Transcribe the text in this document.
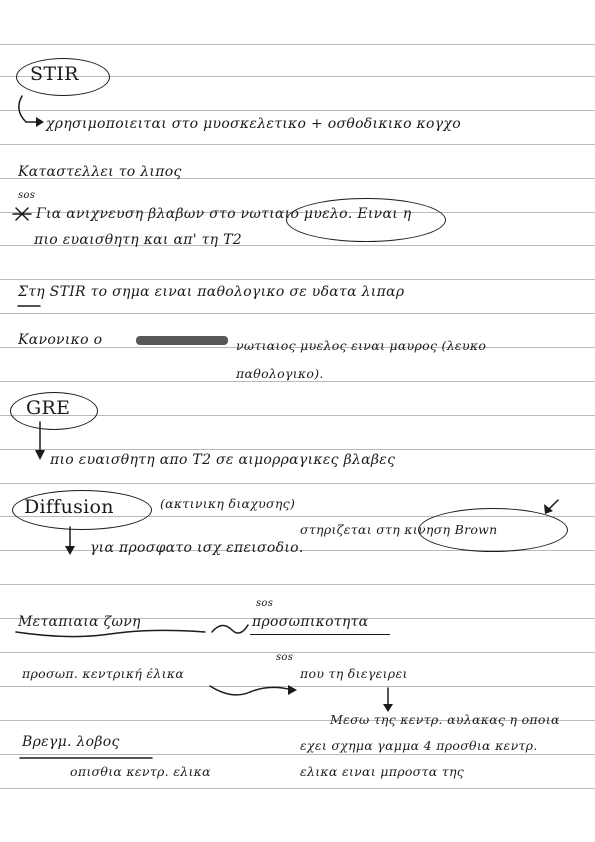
STIR
χρησιμοποιειται στο μυοσκελετικο + οσθοδικικο κογχο
Καταστελλει το λιπος
sos
Για ανιχνευση βλαβων στο νωτιαιο μυελο. Ειναι η
πιο ευαισθητη και απ' τη T2
Στη STIR το σημα ειναι παθολογικο σε υδατα λιπαρ
Κανονικο ο	νωτιαιος μυελος ειναι μαυρος (λευκο παθολογικο).
GRE
πιο ευαισθητη απο T2 σε αιμορραγικες βλαβες
Diffusion	(ακτινικη διαχυσης)
στηριζεται στη κινηση Brown
για προσφατο ισχ επεισοδιο.
sos
Μεταπιαια ζωνη	προσωπικοτητα
sos
προσωπ. κεντρική έλικα	που τη διεγειρει
Μεσω της κεντρ. αυλακας η οποια
εχει σχημα γαμμα 4 πρoσθια κεντρ.
ελικα ειναι μπροστα της
Βρεγμ. λοβος
οπισθια κεντρ. ελικα
